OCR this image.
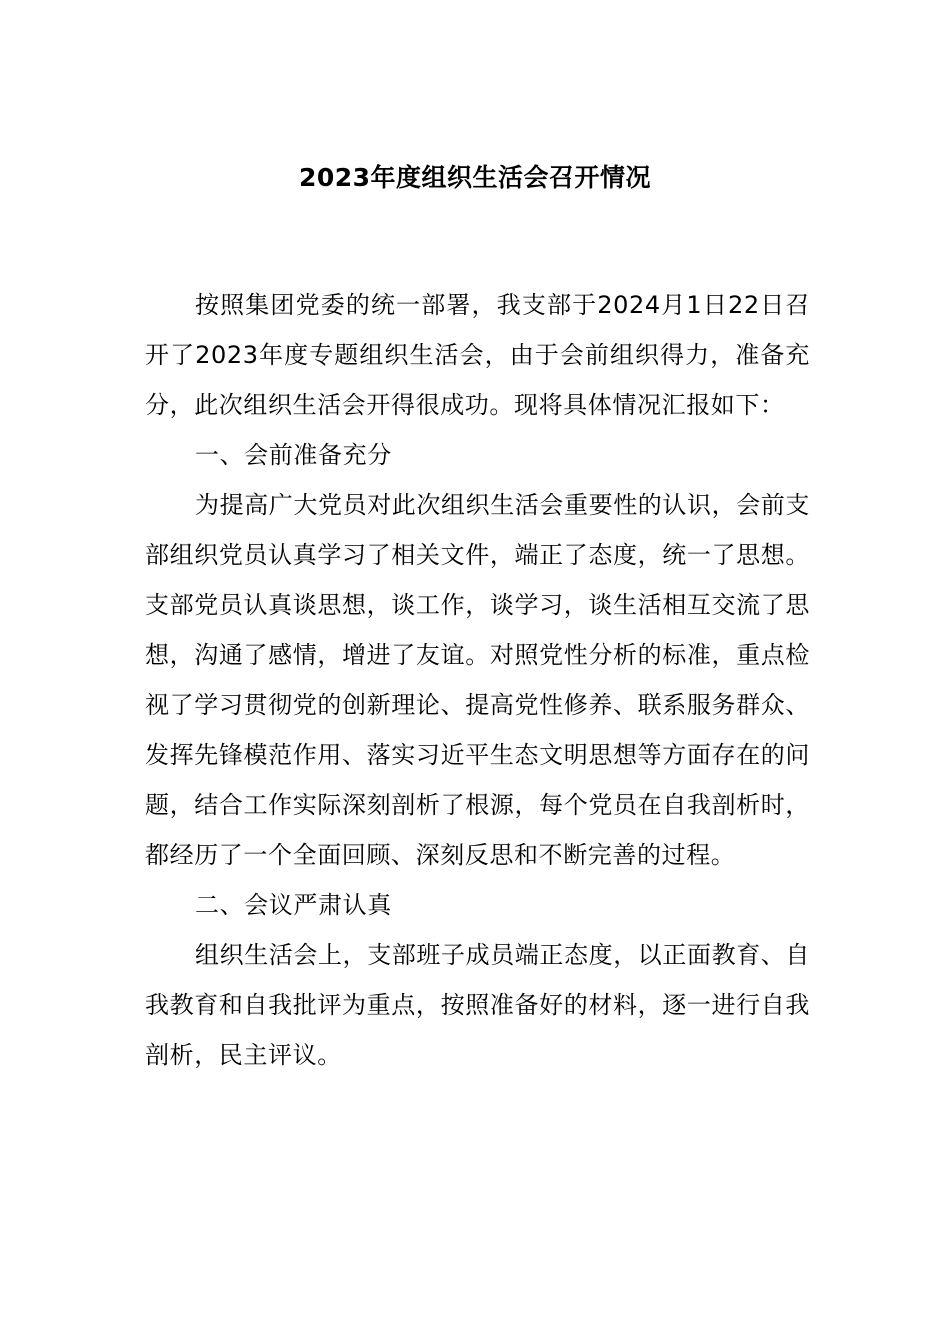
2023年度组织生活会召开情况

按照集团党委的统一部署，我支部于2024月1日22日召开了2023年度专题组织生活会，由于会前组织得力，准备充分，此次组织生活会开得很成功。现将具体情况汇报如下：

一、会前准备充分

为提高广大党员对此次组织生活会重要性的认识，会前支部组织党员认真学习了相关文件，端正了态度，统一了思想。支部党员认真谈思想，谈工作，谈学习，谈生活相互交流了思想，沟通了感情，增进了友谊。对照党性分析的标准，重点检视了学习贯彻党的创新理论、提高党性修养、联系服务群众、发挥先锋模范作用、落实习近平生态文明思想等方面存在的问题，结合工作实际深刻剖析了根源，每个党员在自我剖析时，都经历了一个全面回顾、深刻反思和不断完善的过程。

二、会议严肃认真

组织生活会上，支部班子成员端正态度，以正面教育、自我教育和自我批评为重点，按照准备好的材料，逐一进行自我剖析，民主评议。
